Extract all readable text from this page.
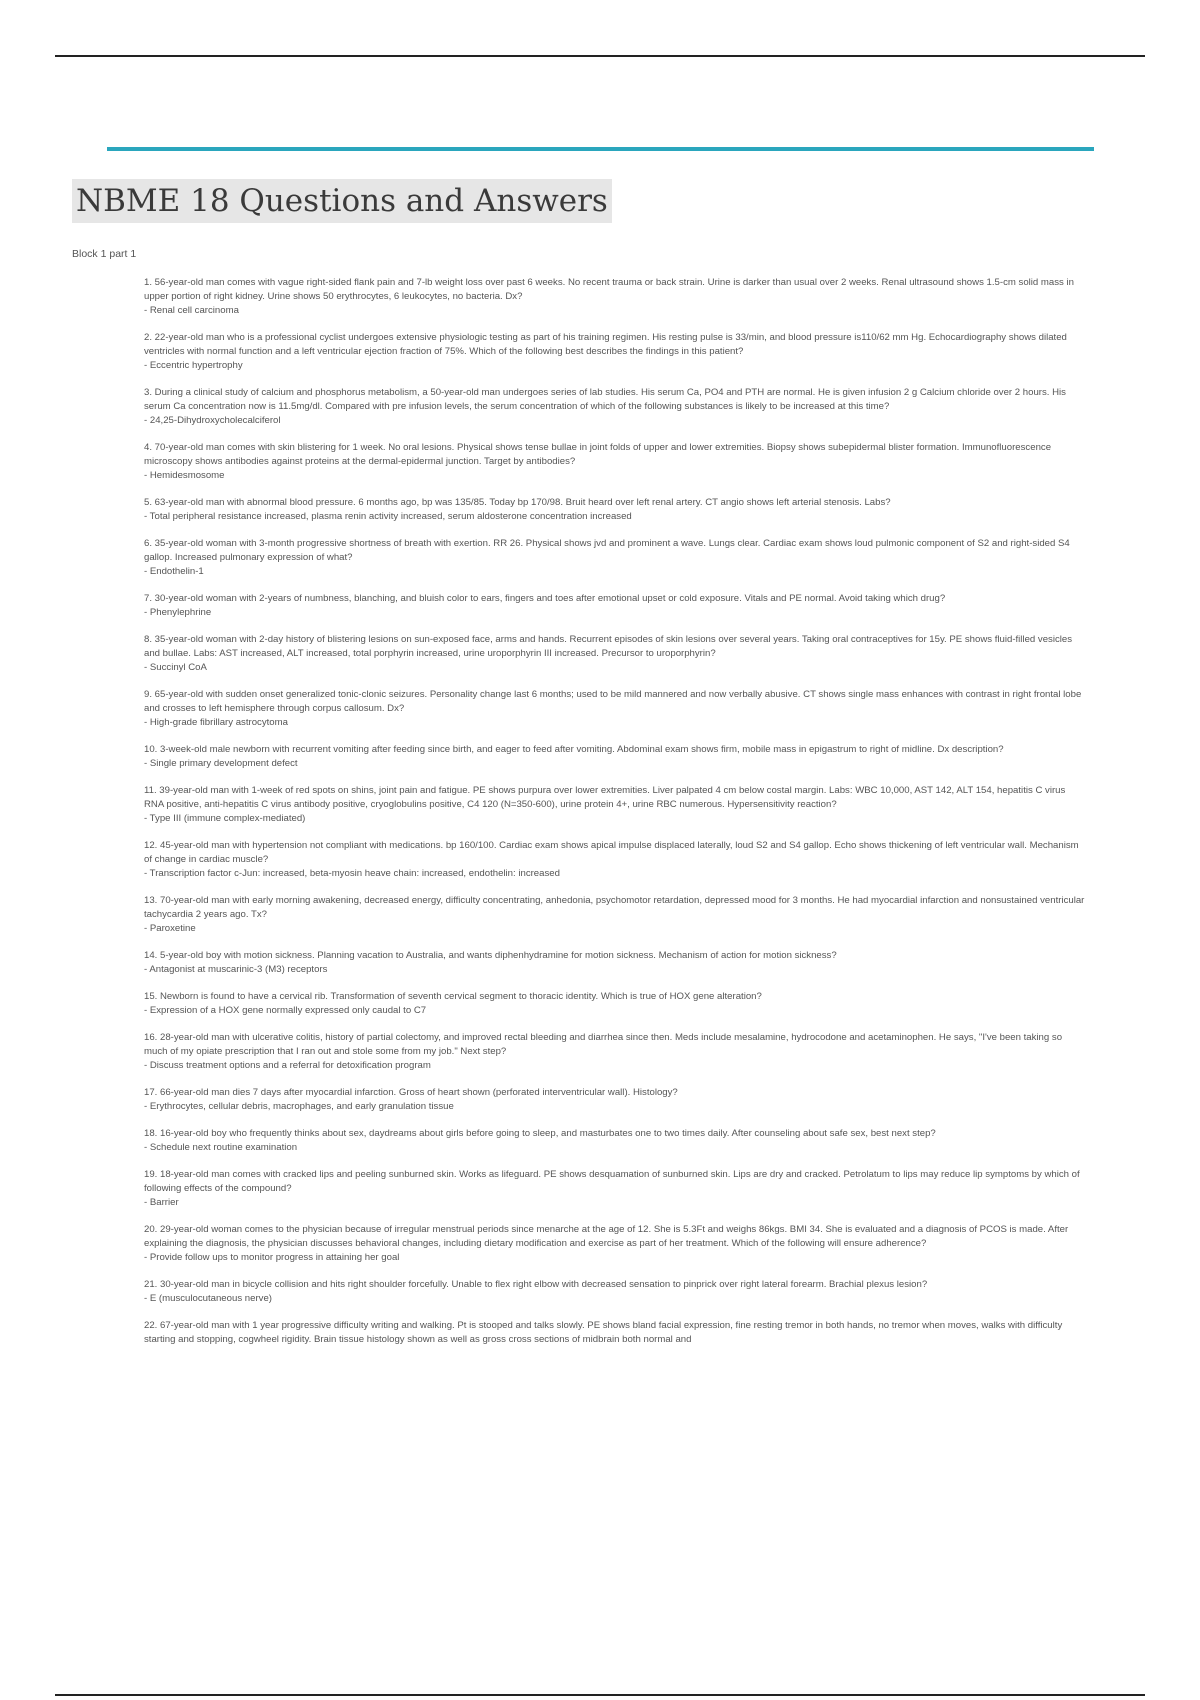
NBME 18 Questions and Answers
Block 1 part 1
1. 56-year-old man comes with vague right-sided flank pain and 7-lb weight loss over past 6 weeks. No recent trauma or back strain. Urine is darker than usual over 2 weeks. Renal ultrasound shows 1.5-cm solid mass in upper portion of right kidney. Urine shows 50 erythrocytes, 6 leukocytes, no bacteria. Dx?
- Renal cell carcinoma
2. 22-year-old man who is a professional cyclist undergoes extensive physiologic testing as part of his training regimen. His resting pulse is 33/min, and blood pressure is110/62 mm Hg. Echocardiography shows dilated ventricles with normal function and a left ventricular ejection fraction of 75%. Which of the following best describes the findings in this patient?
- Eccentric hypertrophy
3. During a clinical study of calcium and phosphorus metabolism, a 50-year-old man undergoes series of lab studies. His serum Ca, PO4 and PTH are normal. He is given infusion 2 g Calcium chloride over 2 hours. His serum Ca concentration now is 11.5mg/dl. Compared with pre infusion levels, the serum concentration of which of the following substances is likely to be increased at this time?
- 24,25-Dihydroxycholecalciferol
4. 70-year-old man comes with skin blistering for 1 week. No oral lesions. Physical shows tense bullae in joint folds of upper and lower extremities. Biopsy shows subepidermal blister formation. Immunofluorescence microscopy shows antibodies against proteins at the dermal-epidermal junction. Target by antibodies?
- Hemidesmosome
5. 63-year-old man with abnormal blood pressure. 6 months ago, bp was 135/85. Today bp 170/98. Bruit heard over left renal artery. CT angio shows left arterial stenosis. Labs?
- Total peripheral resistance increased, plasma renin activity increased, serum aldosterone concentration increased
6. 35-year-old woman with 3-month progressive shortness of breath with exertion. RR 26. Physical shows jvd and prominent a wave. Lungs clear. Cardiac exam shows loud pulmonic component of S2 and right-sided S4 gallop. Increased pulmonary expression of what?
- Endothelin-1
7. 30-year-old woman with 2-years of numbness, blanching, and bluish color to ears, fingers and toes after emotional upset or cold exposure. Vitals and PE normal. Avoid taking which drug?
- Phenylephrine
8. 35-year-old woman with 2-day history of blistering lesions on sun-exposed face, arms and hands. Recurrent episodes of skin lesions over several years. Taking oral contraceptives for 15y. PE shows fluid-filled vesicles and bullae. Labs: AST increased, ALT increased, total porphyrin increased, urine uroporphyrin III increased. Precursor to uroporphyrin?
- Succinyl CoA
9. 65-year-old with sudden onset generalized tonic-clonic seizures. Personality change last 6 months; used to be mild mannered and now verbally abusive. CT shows single mass enhances with contrast in right frontal lobe and crosses to left hemisphere through corpus callosum. Dx?
- High-grade fibrillary astrocytoma
10. 3-week-old male newborn with recurrent vomiting after feeding since birth, and eager to feed after vomiting. Abdominal exam shows firm, mobile mass in epigastrum to right of midline. Dx description?
- Single primary development defect
11. 39-year-old man with 1-week of red spots on shins, joint pain and fatigue. PE shows purpura over lower extremities. Liver palpated 4 cm below costal margin. Labs: WBC 10,000, AST 142, ALT 154, hepatitis C virus RNA positive, anti-hepatitis C virus antibody positive, cryoglobulins positive, C4 120 (N=350-600), urine protein 4+, urine RBC numerous. Hypersensitivity reaction?
- Type III (immune complex-mediated)
12. 45-year-old man with hypertension not compliant with medications. bp 160/100. Cardiac exam shows apical impulse displaced laterally, loud S2 and S4 gallop. Echo shows thickening of left ventricular wall. Mechanism of change in cardiac muscle?
- Transcription factor c-Jun: increased, beta-myosin heave chain: increased, endothelin: increased
13. 70-year-old man with early morning awakening, decreased energy, difficulty concentrating, anhedonia, psychomotor retardation, depressed mood for 3 months. He had myocardial infarction and nonsustained ventricular tachycardia 2 years ago. Tx?
- Paroxetine
14. 5-year-old boy with motion sickness. Planning vacation to Australia, and wants diphenhydramine for motion sickness. Mechanism of action for motion sickness?
- Antagonist at muscarinic-3 (M3) receptors
15. Newborn is found to have a cervical rib. Transformation of seventh cervical segment to thoracic identity. Which is true of HOX gene alteration?
- Expression of a HOX gene normally expressed only caudal to C7
16. 28-year-old man with ulcerative colitis, history of partial colectomy, and improved rectal bleeding and diarrhea since then. Meds include mesalamine, hydrocodone and acetaminophen. He says, "I've been taking so much of my opiate prescription that I ran out and stole some from my job." Next step?
- Discuss treatment options and a referral for detoxification program
17. 66-year-old man dies 7 days after myocardial infarction. Gross of heart shown (perforated interventricular wall). Histology?
- Erythrocytes, cellular debris, macrophages, and early granulation tissue
18. 16-year-old boy who frequently thinks about sex, daydreams about girls before going to sleep, and masturbates one to two times daily. After counseling about safe sex, best next step?
- Schedule next routine examination
19. 18-year-old man comes with cracked lips and peeling sunburned skin. Works as lifeguard. PE shows desquamation of sunburned skin. Lips are dry and cracked. Petrolatum to lips may reduce lip symptoms by which of following effects of the compound?
- Barrier
20. 29-year-old woman comes to the physician because of irregular menstrual periods since menarche at the age of 12. She is 5.3Ft and weighs 86kgs. BMI 34. She is evaluated and a diagnosis of PCOS is made. After explaining the diagnosis, the physician discusses behavioral changes, including dietary modification and exercise as part of her treatment. Which of the following will ensure adherence?
- Provide follow ups to monitor progress in attaining her goal
21. 30-year-old man in bicycle collision and hits right shoulder forcefully. Unable to flex right elbow with decreased sensation to pinprick over right lateral forearm. Brachial plexus lesion?
- E (musculocutaneous nerve)
22. 67-year-old man with 1 year progressive difficulty writing and walking. Pt is stooped and talks slowly. PE shows bland facial expression, fine resting tremor in both hands, no tremor when moves, walks with difficulty starting and stopping, cogwheel rigidity. Brain tissue histology shown as well as gross cross sections of midbrain both normal and
